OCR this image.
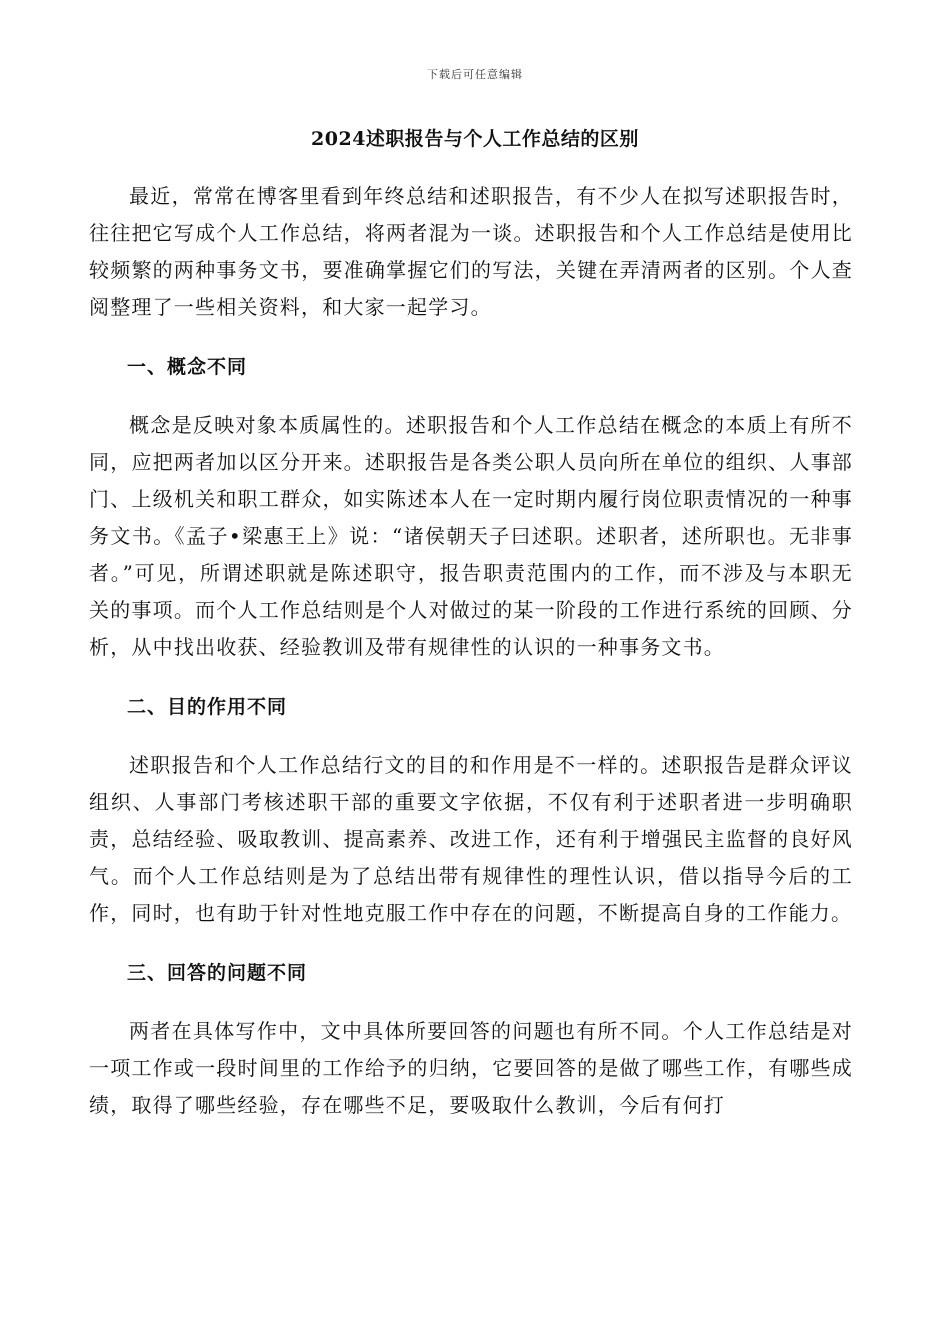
下载后可任意编辑
2024述职报告与个人工作总结的区别

最近，常常在博客里看到年终总结和述职报告，有不少人在拟写述职报告时，往往把它写成个人工作总结，将两者混为一谈。述职报告和个人工作总结是使用比较频繁的两种事务文书，要准确掌握它们的写法，关键在弄清两者的区别。个人查阅整理了一些相关资料，和大家一起学习。

一、概念不同

概念是反映对象本质属性的。述职报告和个人工作总结在概念的本质上有所不同，应把两者加以区分开来。述职报告是各类公职人员向所在单位的组织、人事部门、上级机关和职工群众，如实陈述本人在一定时期内履行岗位职责情况的一种事务文书。《孟子•梁惠王上》说：“诸侯朝天子曰述职。述职者，述所职也。无非事者。”可见，所谓述职就是陈述职守，报告职责范围内的工作，而不涉及与本职无关的事项。而个人工作总结则是个人对做过的某一阶段的工作进行系统的回顾、分析，从中找出收获、经验教训及带有规律性的认识的一种事务文书。

二、目的作用不同

述职报告和个人工作总结行文的目的和作用是不一样的。述职报告是群众评议组织、人事部门考核述职干部的重要文字依据，不仅有利于述职者进一步明确职责，总结经验、吸取教训、提高素养、改进工作，还有利于增强民主监督的良好风气。而个人工作总结则是为了总结出带有规律性的理性认识，借以指导今后的工作，同时，也有助于针对性地克服工作中存在的问题，不断提高自身的工作能力。

三、回答的问题不同

两者在具体写作中，文中具体所要回答的问题也有所不同。个人工作总结是对一项工作或一段时间里的工作给予的归纳，它要回答的是做了哪些工作，有哪些成绩，取得了哪些经验，存在哪些不足，要吸取什么教训，今后有何打
